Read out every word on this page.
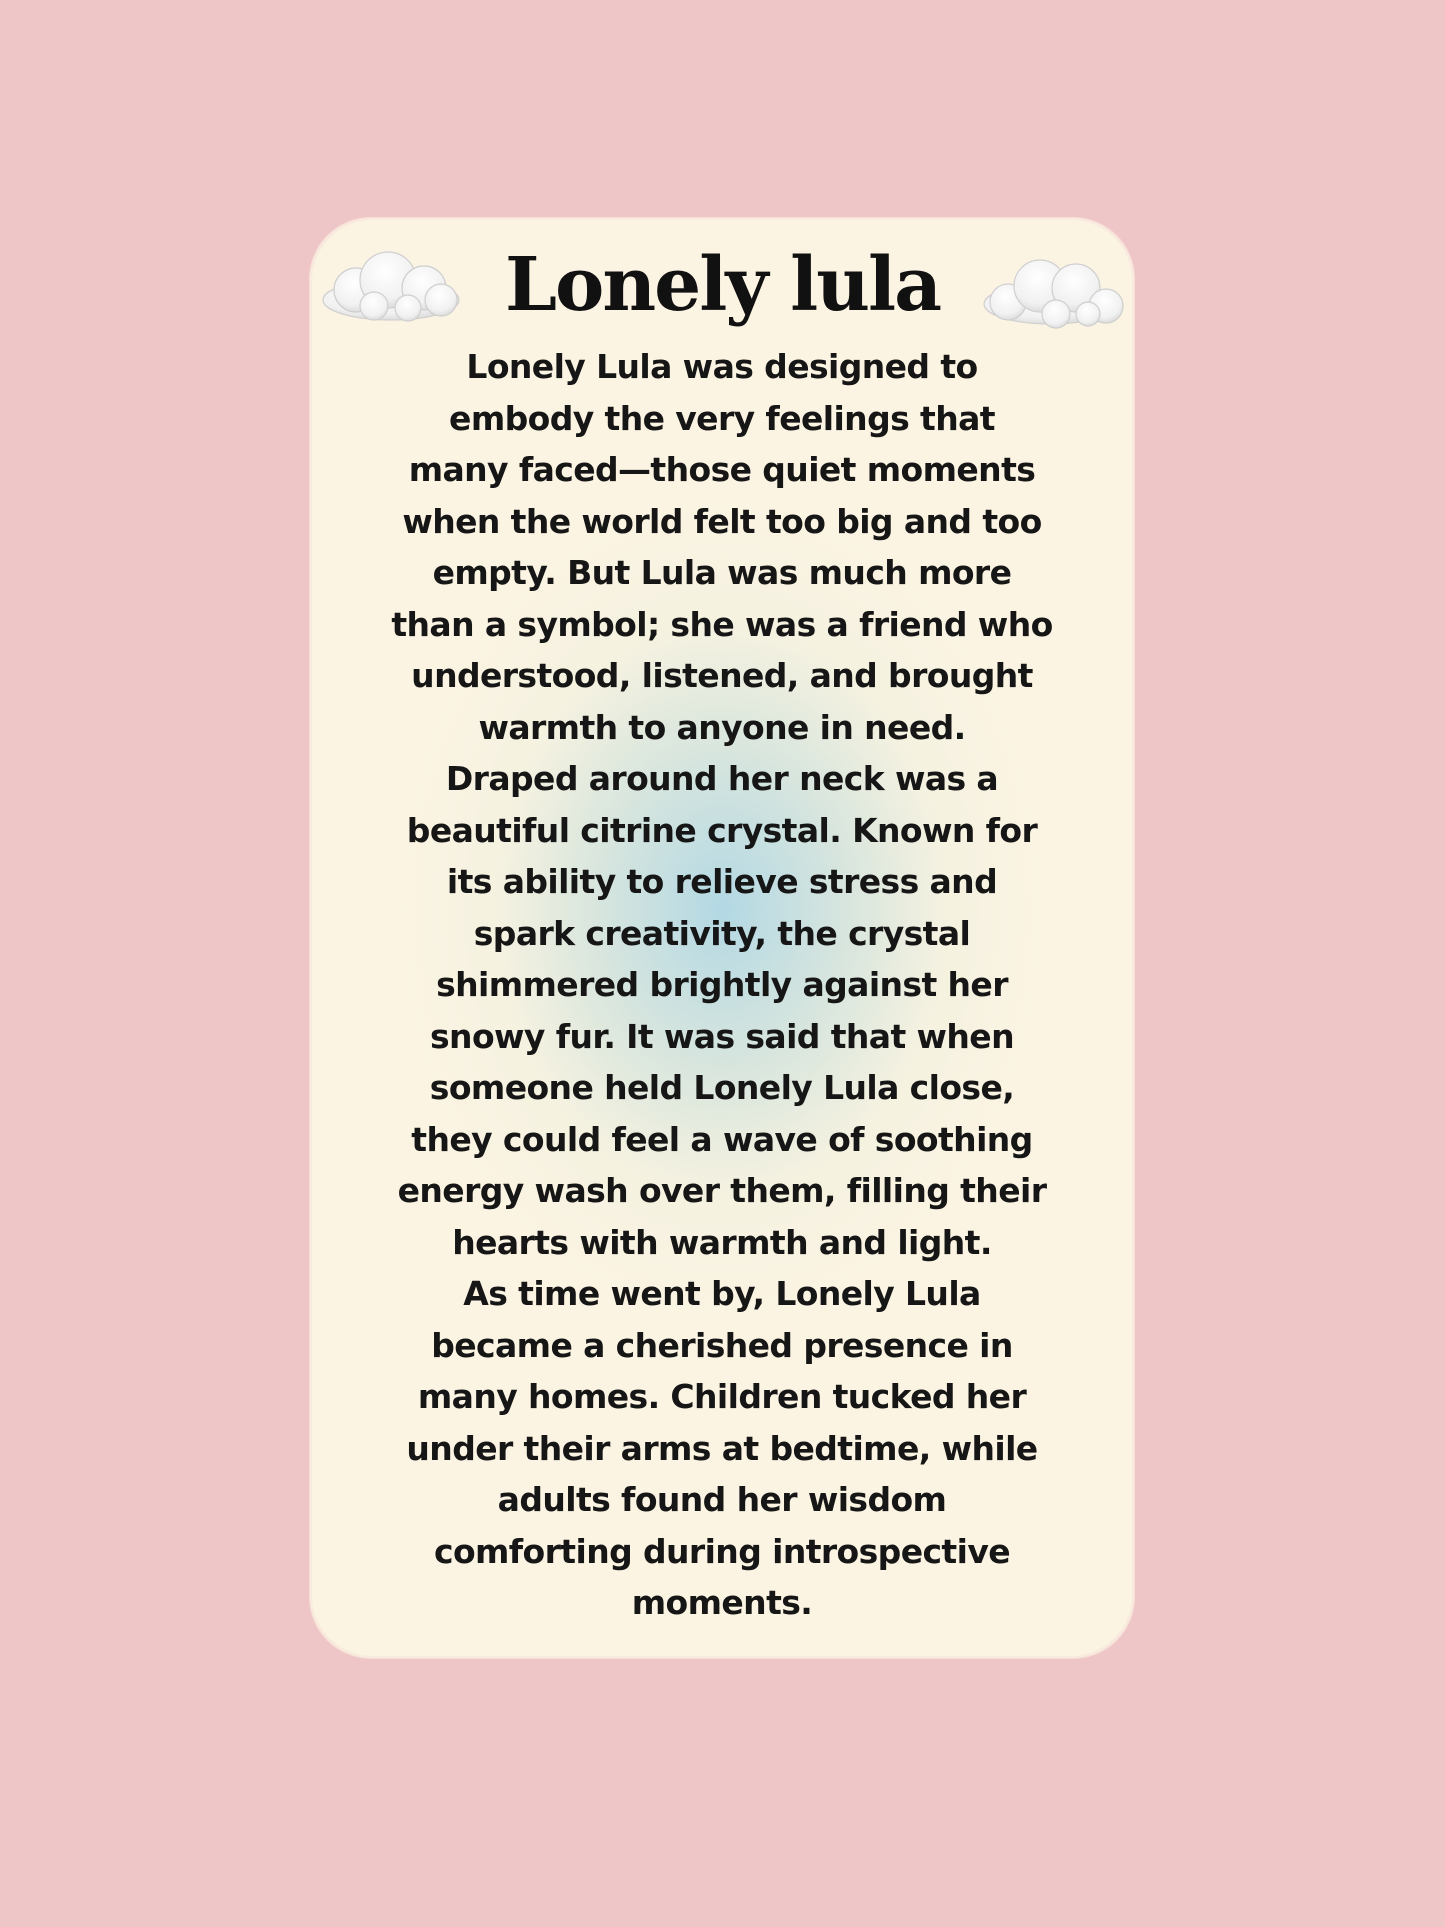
Lonely lula
Lonely Lula was designed to
embody the very feelings that
many faced—those quiet moments
when the world felt too big and too
empty. But Lula was much more
than a symbol; she was a friend who
understood, listened, and brought
warmth to anyone in need.
Draped around her neck was a
beautiful citrine crystal. Known for
its ability to relieve stress and
spark creativity, the crystal
shimmered brightly against her
snowy fur. It was said that when
someone held Lonely Lula close,
they could feel a wave of soothing
energy wash over them, filling their
hearts with warmth and light.
As time went by, Lonely Lula
became a cherished presence in
many homes. Children tucked her
under their arms at bedtime, while
adults found her wisdom
comforting during introspective
moments.
